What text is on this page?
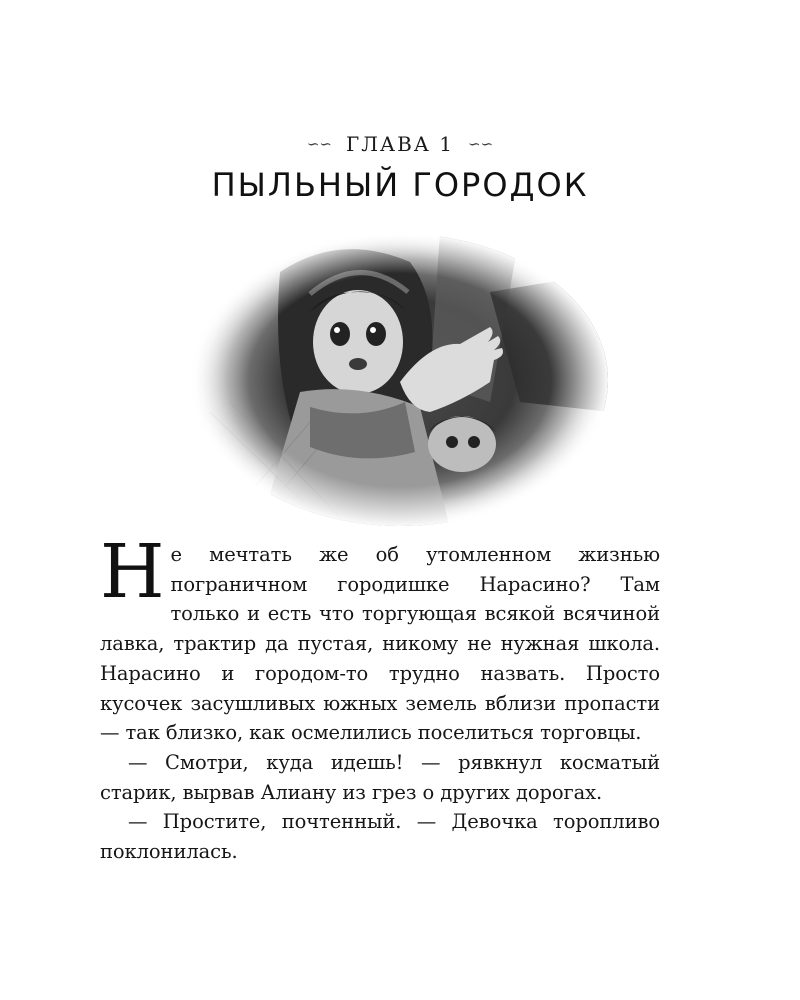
∽∽ ГЛАВА 1 ∽∽
ПЫЛЬНЫЙ ГОРОДОК

Не мечтать же об утомленном жизнью пограничном городишке Нарасино? Там только и есть что торгующая всякой всячиной лавка, трактир да пустая, никому не нужная школа. Нарасино и городом-то трудно назвать. Просто кусочек засушливых южных земель вблизи пропасти — так близко, как осмелились поселиться торговцы.

— Смотри, куда идешь! — рявкнул косматый старик, вырвав Алиану из грез о других дорогах.

— Простите, почтенный. — Девочка торопливо поклонилась.
